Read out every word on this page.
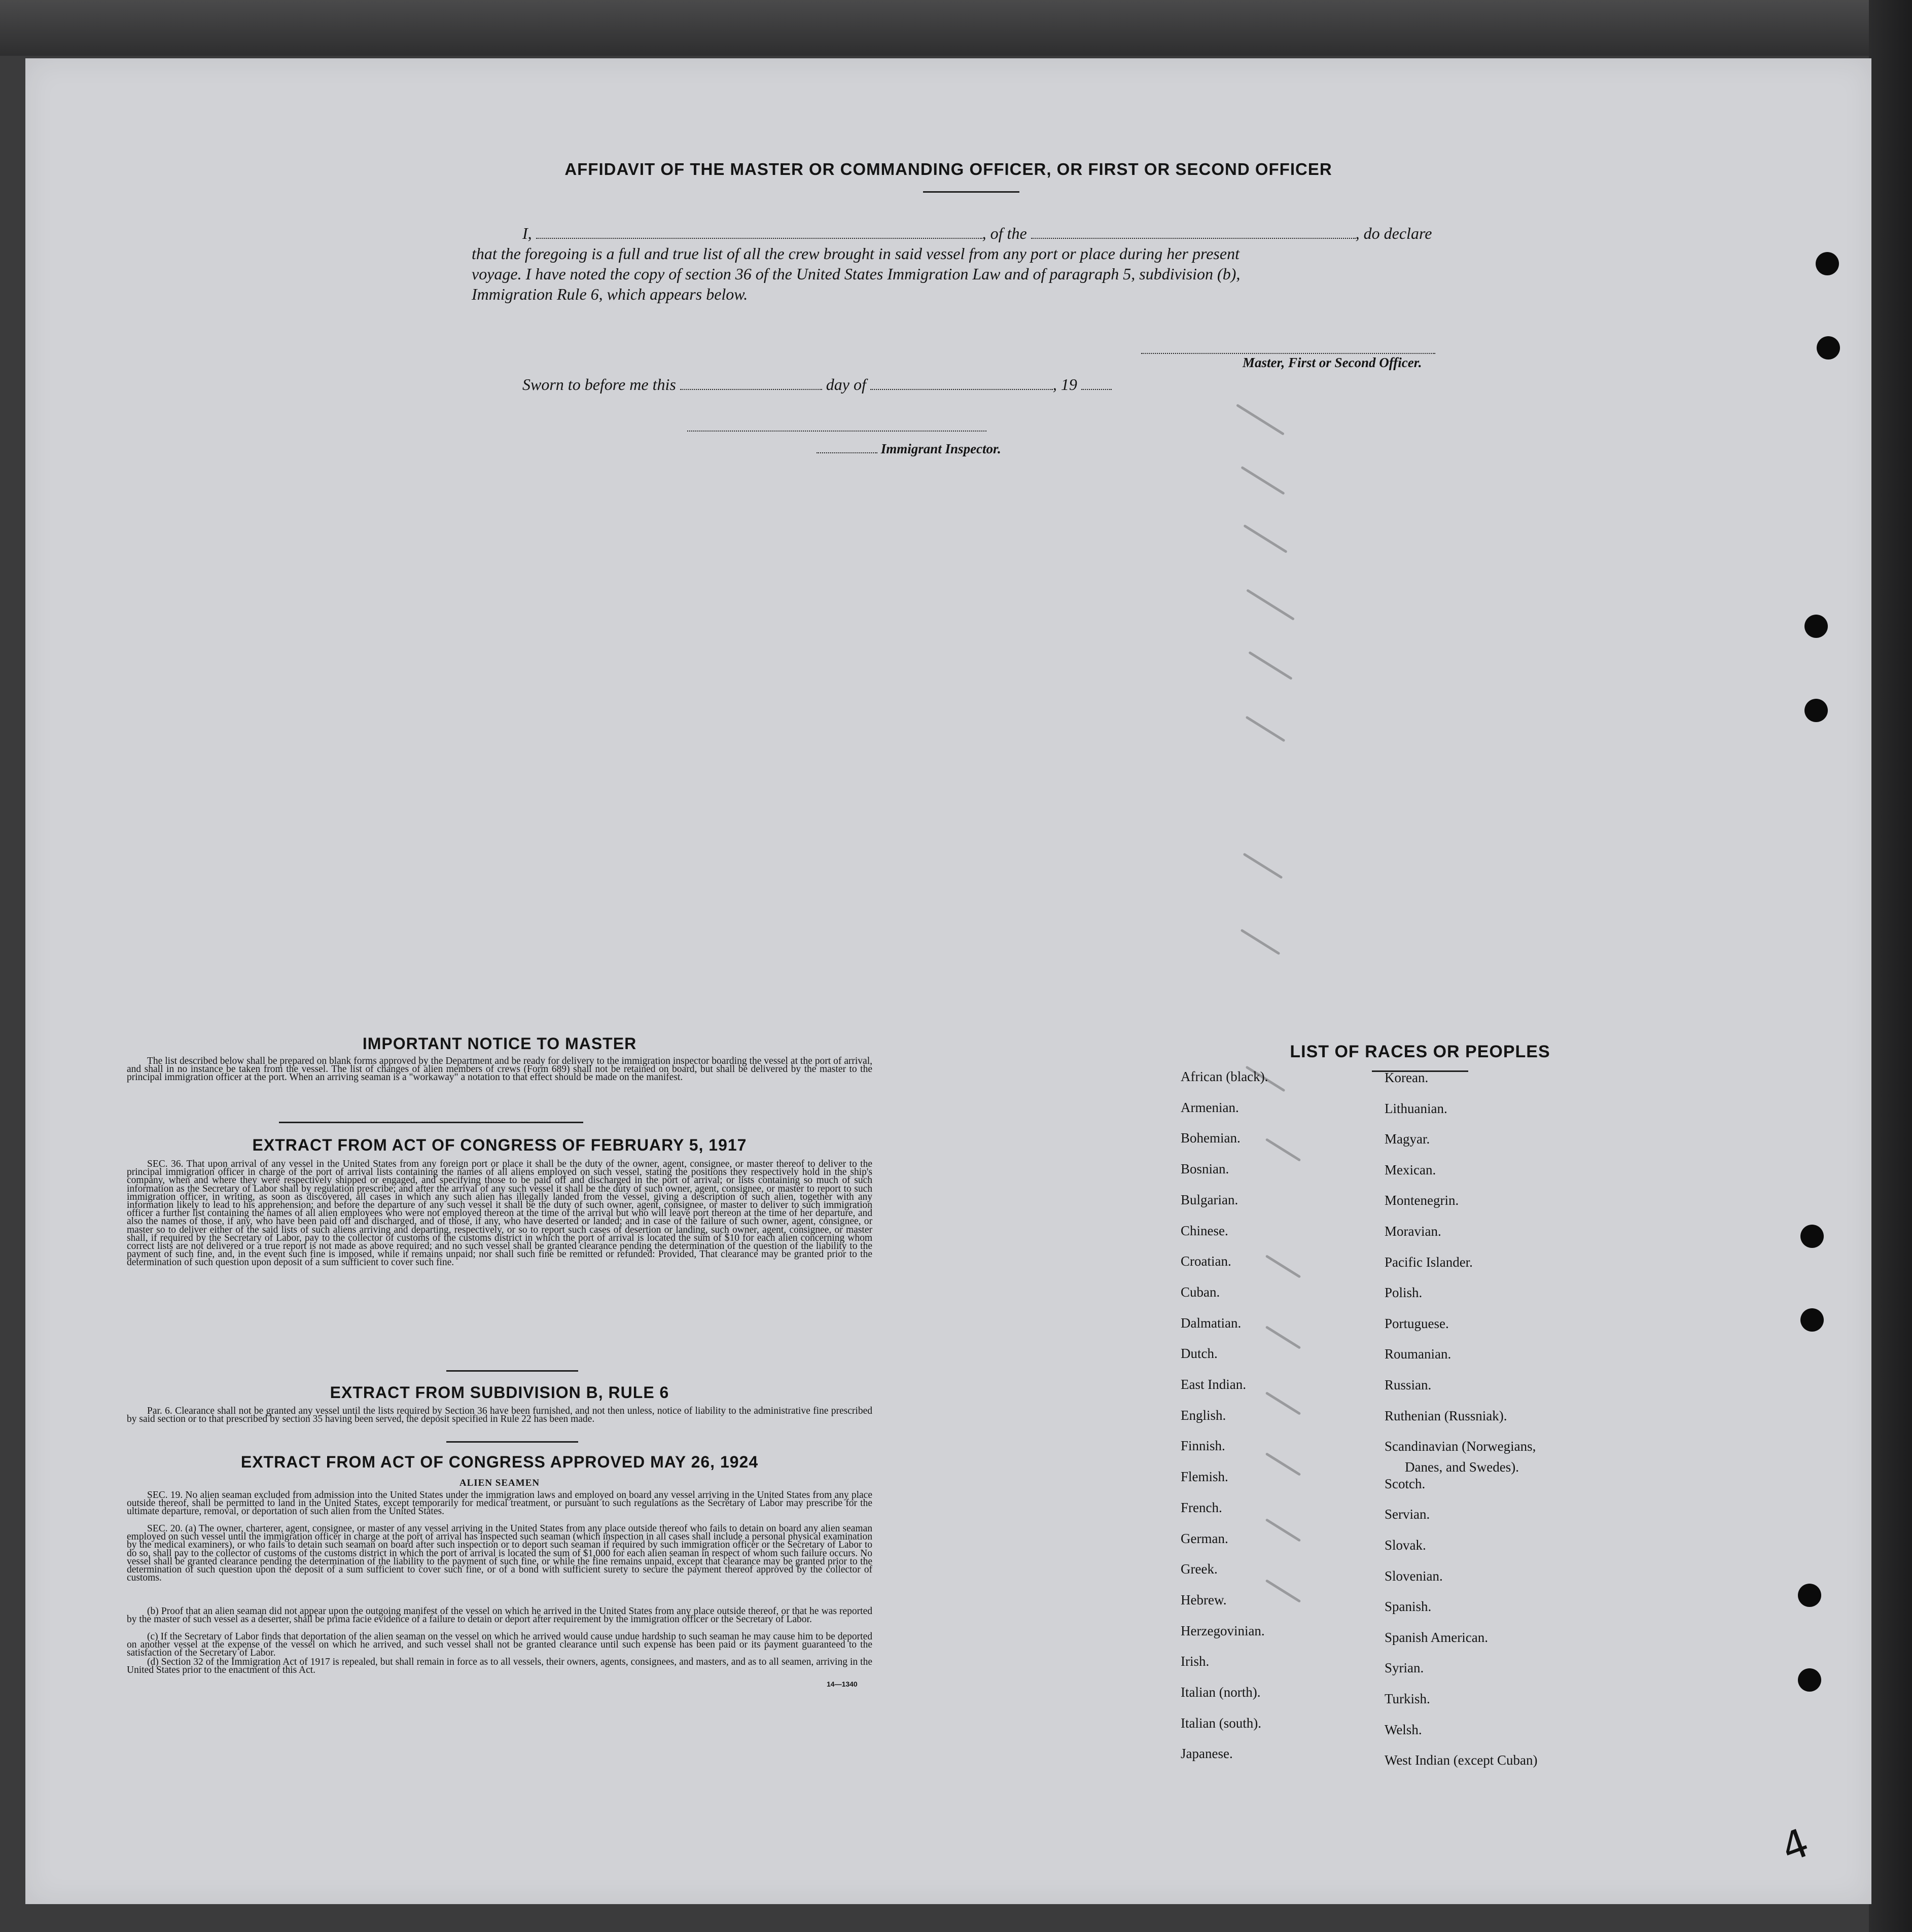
AFFIDAVIT OF THE MASTER OR COMMANDING OFFICER, OR FIRST OR SECOND OFFICER
I,	, of the	, do declare
that the foregoing is a full and true list of all the crew brought in said vessel from any port or place during her present
voyage. I have noted the copy of section 36 of the United States Immigration Law and of paragraph 5, subdivision (b),
Immigration Rule 6, which appears below.
Master, First or Second Officer.
Sworn to before me this	day of	, 19
Immigrant Inspector.
IMPORTANT NOTICE TO MASTER
The list described below shall be prepared on blank forms approved by the Department and be ready for delivery to the immigration inspector boarding the vessel at the port of arrival, and shall in no instance be taken from the vessel. The list of changes of alien members of crews (Form 689) shall not be retained on board, but shall be delivered by the master to the principal immigration officer at the port. When an arriving seaman is a "workaway" a notation to that effect should be made on the manifest.
EXTRACT FROM ACT OF CONGRESS OF FEBRUARY 5, 1917
SEC. 36. That upon arrival of any vessel in the United States from any foreign port or place it shall be the duty of the owner, agent, consignee, or master thereof to deliver to the principal immigration officer in charge of the port of arrival lists containing the names of all aliens employed on such vessel, stating the positions they respectively hold in the ship's company, when and where they were respectively shipped or engaged, and specifying those to be paid off and discharged in the port of arrival; or lists containing so much of such information as the Secretary of Labor shall by regulation prescribe; and after the arrival of any such vessel it shall be the duty of such owner, agent, consignee, or master to report to such immigration officer, in writing, as soon as discovered, all cases in which any such alien has illegally landed from the vessel, giving a description of such alien, together with any information likely to lead to his apprehension; and before the departure of any such vessel it shall be the duty of such owner, agent, consignee, or master to deliver to such immigration officer a further list containing the names of all alien employees who were not employed thereon at the time of the arrival but who will leave port thereon at the time of her departure, and also the names of those, if any, who have been paid off and discharged, and of those, if any, who have deserted or landed; and in case of the failure of such owner, agent, consignee, or master so to deliver either of the said lists of such aliens arriving and departing, respectively, or so to report such cases of desertion or landing, such owner, agent, consignee, or master shall, if required by the Secretary of Labor, pay to the collector of customs of the customs district in which the port of arrival is located the sum of $10 for each alien concerning whom correct lists are not delivered or a true report is not made as above required; and no such vessel shall be granted clearance pending the determination of the question of the liability to the payment of such fine, and, in the event such fine is imposed, while it remains unpaid; nor shall such fine be remitted or refunded: Provided, That clearance may be granted prior to the determination of such question upon deposit of a sum sufficient to cover such fine.
EXTRACT FROM SUBDIVISION B, RULE 6
Par. 6. Clearance shall not be granted any vessel until the lists required by Section 36 have been furnished, and not then unless, notice of liability to the administrative fine prescribed by said section or to that prescribed by section 35 having been served, the deposit specified in Rule 22 has been made.
EXTRACT FROM ACT OF CONGRESS APPROVED MAY 26, 1924
ALIEN SEAMEN
SEC. 19. No alien seaman excluded from admission into the United States under the immigration laws and employed on board any vessel arriving in the United States from any place outside thereof, shall be permitted to land in the United States, except temporarily for medical treatment, or pursuant to such regulations as the Secretary of Labor may prescribe for the ultimate departure, removal, or deportation of such alien from the United States.
SEC. 20. (a) The owner, charterer, agent, consignee, or master of any vessel arriving in the United States from any place outside thereof who fails to detain on board any alien seaman employed on such vessel until the immigration officer in charge at the port of arrival has inspected such seaman (which inspection in all cases shall include a personal physical examination by the medical examiners), or who fails to detain such seaman on board after such inspection or to deport such seaman if required by such immigration officer or the Secretary of Labor to do so, shall pay to the collector of customs of the customs district in which the port of arrival is located the sum of $1,000 for each alien seaman in respect of whom such failure occurs. No vessel shall be granted clearance pending the determination of the liability to the payment of such fine, or while the fine remains unpaid, except that clearance may be granted prior to the determination of such question upon the deposit of a sum sufficient to cover such fine, or of a bond with sufficient surety to secure the payment thereof approved by the collector of customs.
(b) Proof that an alien seaman did not appear upon the outgoing manifest of the vessel on which he arrived in the United States from any place outside thereof, or that he was reported by the master of such vessel as a deserter, shall be prima facie evidence of a failure to detain or deport after requirement by the immigration officer or the Secretary of Labor.
(c) If the Secretary of Labor finds that deportation of the alien seaman on the vessel on which he arrived would cause undue hardship to such seaman he may cause him to be deported on another vessel at the expense of the vessel on which he arrived, and such vessel shall not be granted clearance until such expense has been paid or its payment guaranteed to the satisfaction of the Secretary of Labor.
(d) Section 32 of the Immigration Act of 1917 is repealed, but shall remain in force as to all vessels, their owners, agents, consignees, and masters, and as to all seamen, arriving in the United States prior to the enactment of this Act.
14—1340
LIST OF RACES OR PEOPLES
African (black).
Armenian.
Bohemian.
Bosnian.
Bulgarian.
Chinese.
Croatian.
Cuban.
Dalmatian.
Dutch.
East Indian.
English.
Finnish.
Flemish.
French.
German.
Greek.
Hebrew.
Herzegovinian.
Irish.
Italian (north).
Italian (south).
Japanese.
Korean.
Lithuanian.
Magyar.
Mexican.
Montenegrin.
Moravian.
Pacific Islander.
Polish.
Portuguese.
Roumanian.
Russian.
Ruthenian (Russniak).
Scandinavian (Norwegians,
Danes, and Swedes).
Scotch.
Servian.
Slovak.
Slovenian.
Spanish.
Spanish American.
Syrian.
Turkish.
Welsh.
West Indian (except Cuban)
4
